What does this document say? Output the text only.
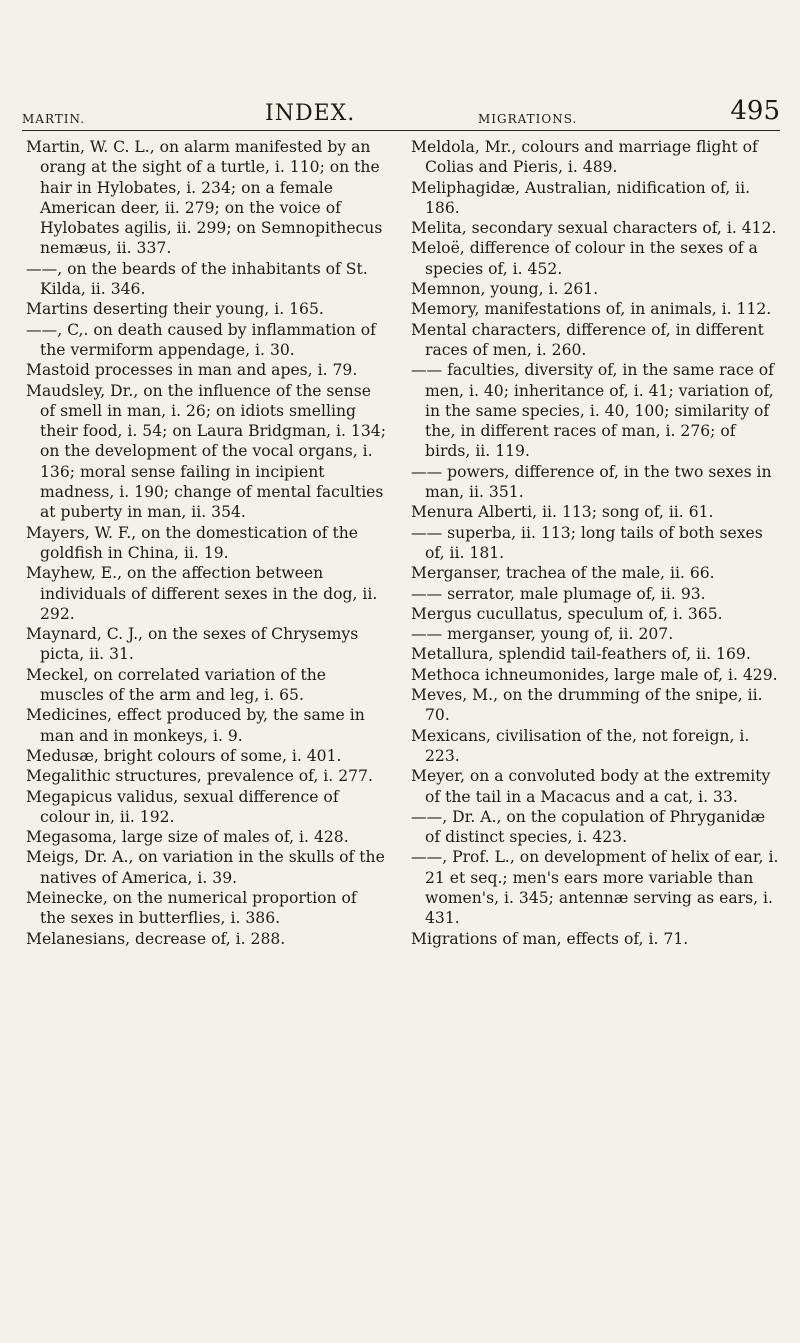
MARTIN.	INDEX.	MIGRATIONS.	495

Martin, W. C. L., on alarm manifested by an orang at the sight of a turtle, i. 110; on the hair in Hylobates, i. 234; on a female American deer, ii. 279; on the voice of Hylobates agilis, ii. 299; on Semnopithecus nemæus, ii. 337.

——, on the beards of the inhabitants of St. Kilda, ii. 346.

Martins deserting their young, i. 165.

——, C,. on death caused by inflammation of the vermiform appendage, i. 30.

Mastoid processes in man and apes, i. 79.

Maudsley, Dr., on the influence of the sense of smell in man, i. 26; on idiots smelling their food, i. 54; on Laura Bridgman, i. 134; on the development of the vocal organs, i. 136; moral sense failing in incipient madness, i. 190; change of mental faculties at puberty in man, ii. 354.

Mayers, W. F., on the domestication of the goldfish in China, ii. 19.

Mayhew, E., on the affection between individuals of different sexes in the dog, ii. 292.

Maynard, C. J., on the sexes of Chrysemys picta, ii. 31.

Meckel, on correlated variation of the muscles of the arm and leg, i. 65.

Medicines, effect produced by, the same in man and in monkeys, i. 9.

Medusæ, bright colours of some, i. 401.

Megalithic structures, prevalence of, i. 277.

Megapicus validus, sexual difference of colour in, ii. 192.

Megasoma, large size of males of, i. 428.

Meigs, Dr. A., on variation in the skulls of the natives of America, i. 39.

Meinecke, on the numerical proportion of the sexes in butterflies, i. 386.

Melanesians, decrease of, i. 288.

Meldola, Mr., colours and marriage flight of Colias and Pieris, i. 489.

Meliphagidæ, Australian, nidification of, ii. 186.

Melita, secondary sexual characters of, i. 412.

Meloë, difference of colour in the sexes of a species of, i. 452.

Memnon, young, i. 261.

Memory, manifestations of, in animals, i. 112.

Mental characters, difference of, in different races of men, i. 260.

—— faculties, diversity of, in the same race of men, i. 40; inheritance of, i. 41; variation of, in the same species, i. 40, 100; similarity of the, in different races of man, i. 276; of birds, ii. 119.

—— powers, difference of, in the two sexes in man, ii. 351.

Menura Alberti, ii. 113; song of, ii. 61.

—— superba, ii. 113; long tails of both sexes of, ii. 181.

Merganser, trachea of the male, ii. 66.

—— serrator, male plumage of, ii. 93.

Mergus cucullatus, speculum of, i. 365.

—— merganser, young of, ii. 207.

Metallura, splendid tail-feathers of, ii. 169.

Methoca ichneumonides, large male of, i. 429.

Meves, M., on the drumming of the snipe, ii. 70.

Mexicans, civilisation of the, not foreign, i. 223.

Meyer, on a convoluted body at the extremity of the tail in a Macacus and a cat, i. 33.

——, Dr. A., on the copulation of Phryganidæ of distinct species, i. 423.

——, Prof. L., on development of helix of ear, i. 21 et seq.; men's ears more variable than women's, i. 345; antennæ serving as ears, i. 431.

Migrations of man, effects of, i. 71.
